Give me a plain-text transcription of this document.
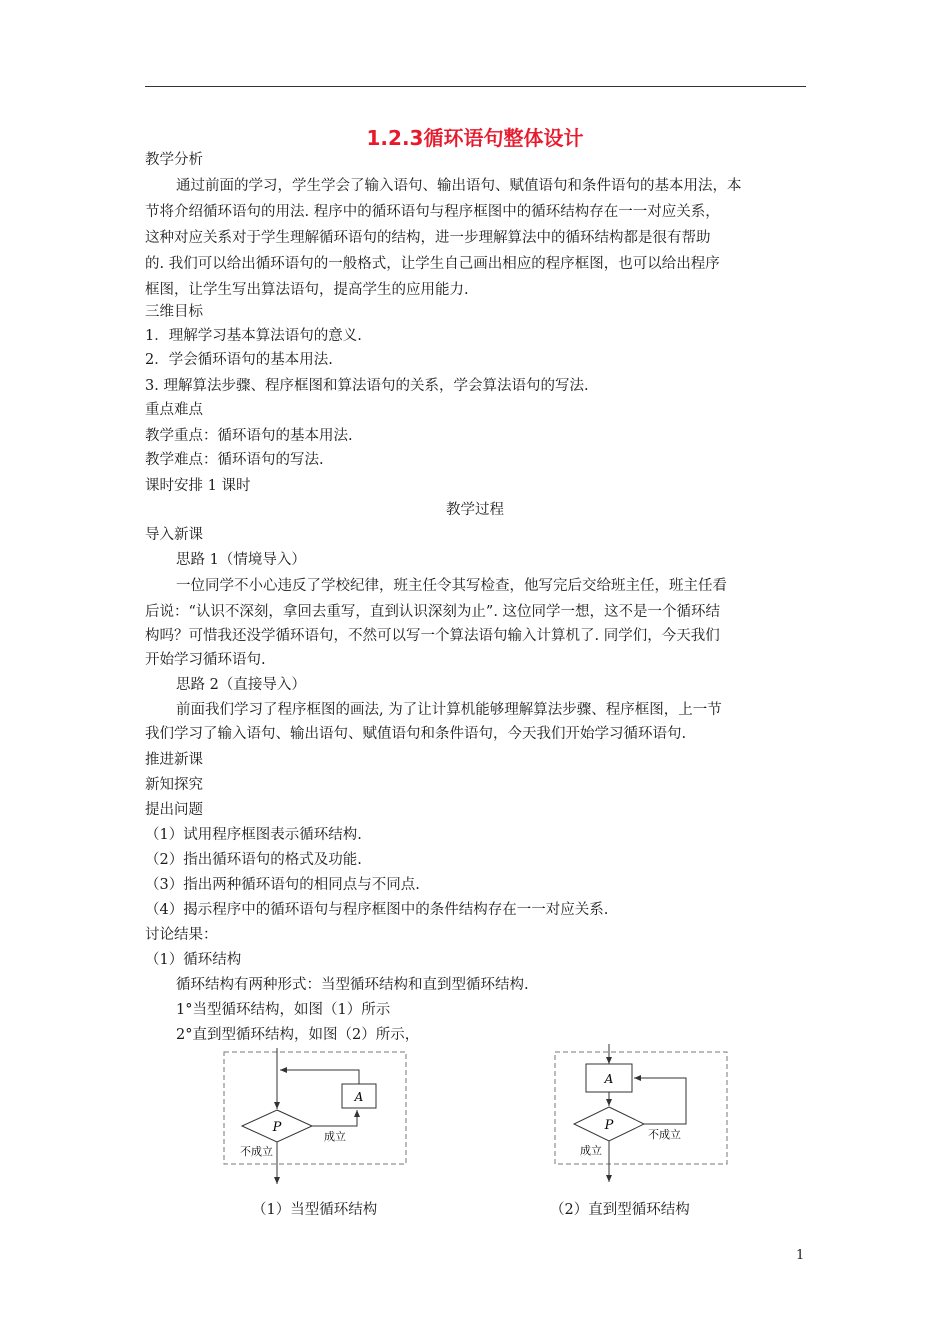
1.2.3循环语句整体设计
教学分析
通过前面的学习，学生学会了输入语句、输出语句、赋值语句和条件语句的基本用法，本
节将介绍循环语句的用法. 程序中的循环语句与程序框图中的循环结构存在一一对应关系，
这种对应关系对于学生理解循环语句的结构，进一步理解算法中的循环结构都是很有帮助
的. 我们可以给出循环语句的一般格式，让学生自己画出相应的程序框图，也可以给出程序
框图，让学生写出算法语句，提高学生的应用能力.
三维目标
1．理解学习基本算法语句的意义.
2．学会循环语句的基本用法.
3. 理解算法步骤、程序框图和算法语句的关系，学会算法语句的写法.
重点难点
教学重点：循环语句的基本用法.
教学难点：循环语句的写法.
课时安排 1 课时
教学过程
导入新课
思路 1（情境导入）
一位同学不小心违反了学校纪律，班主任令其写检查，他写完后交给班主任，班主任看
后说：“认识不深刻，拿回去重写，直到认识深刻为止”. 这位同学一想，这不是一个循环结
构吗？可惜我还没学循环语句，不然可以写一个算法语句输入计算机了. 同学们，今天我们
开始学习循环语句.
思路 2（直接导入）
前面我们学习了程序框图的画法, 为了让计算机能够理解算法步骤、程序框图，上一节
我们学习了输入语句、输出语句、赋值语句和条件语句，今天我们开始学习循环语句.
推进新课
新知探究
提出问题
（1）试用程序框图表示循环结构.
（2）指出循环语句的格式及功能.
（3）指出两种循环语句的相同点与不同点.
（4）揭示程序中的循环语句与程序框图中的条件结构存在一一对应关系.
讨论结果：
（1）循环结构
循环结构有两种形式：当型循环结构和直到型循环结构.
1°当型循环结构，如图（1）所示
2°直到型循环结构，如图（2）所示，
P
成立
A
不成立
（1）当型循环结构
A
P
不成立
成立
（2）直到型循环结构
1
